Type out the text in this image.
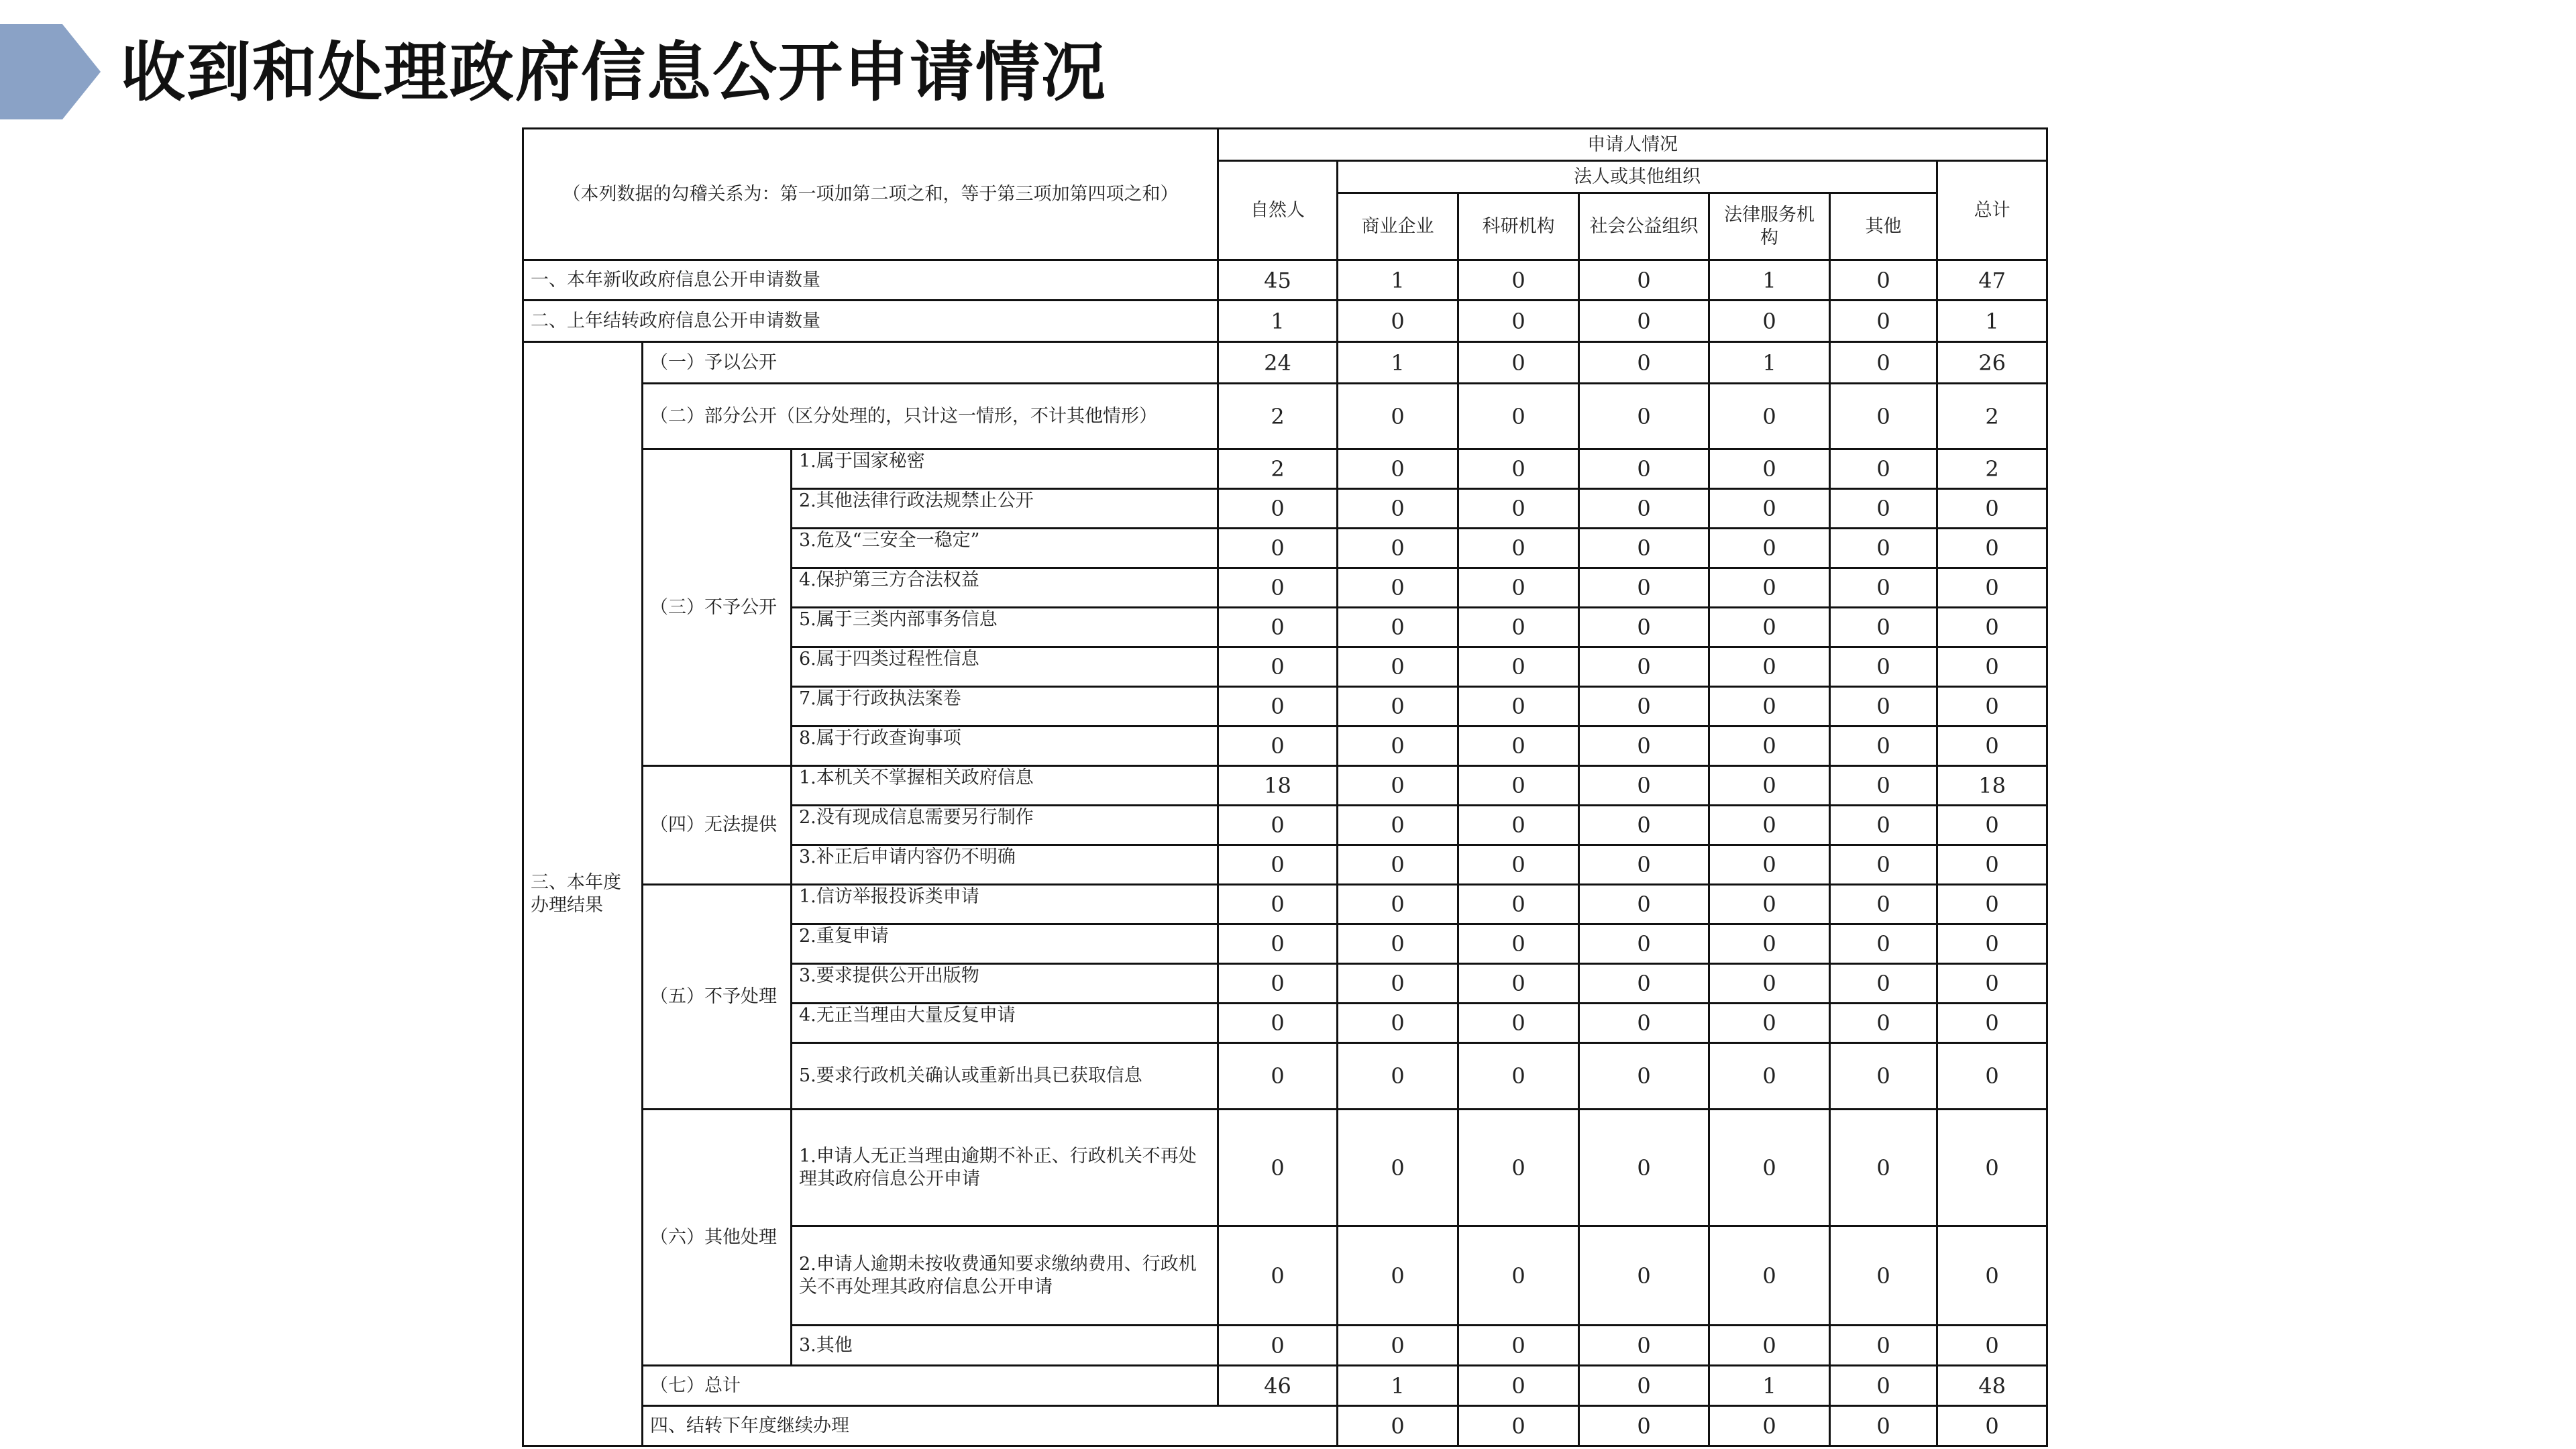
收到和处理政府信息公开申请情况
（本列数据的勾稽关系为：第一项加第二项之和，等于第三项加第四项之和）			申请人情况							
			自然人	法人或其他组织					总计	
				商业企业	科研机构	社会公益组织	法律服务机构	其他		
一、本年新收政府信息公开申请数量			45	1	0	0	1	0	47	
二、上年结转政府信息公开申请数量			1	0	0	0	0	0	1	
三、本年度办理结果	（一）予以公开		24	1	0	0	1	0	26	
	（二）部分公开（区分处理的，只计这一情形，不计其他情形）		2	0	0	0	0	0	2	
	（三）不予公开	1.属于国家秘密	2	0	0	0	0	0	2	
		2.其他法律行政法规禁止公开	0	0	0	0	0	0	0	
		3.危及“三安全一稳定”	0	0	0	0	0	0	0	
		4.保护第三方合法权益	0	0	0	0	0	0	0	
		5.属于三类内部事务信息	0	0	0	0	0	0	0	
		6.属于四类过程性信息	0	0	0	0	0	0	0	
		7.属于行政执法案卷	0	0	0	0	0	0	0	
		8.属于行政查询事项	0	0	0	0	0	0	0	
	（四）无法提供	1.本机关不掌握相关政府信息	18	0	0	0	0	0	18	
		2.没有现成信息需要另行制作	0	0	0	0	0	0	0	
		3.补正后申请内容仍不明确	0	0	0	0	0	0	0	
	（五）不予处理	1.信访举报投诉类申请	0	0	0	0	0	0	0	
		2.重复申请	0	0	0	0	0	0	0	
		3.要求提供公开出版物	0	0	0	0	0	0	0	
		4.无正当理由大量反复申请	0	0	0	0	0	0	0	
		5.要求行政机关确认或重新出具已获取信息	0	0	0	0	0	0	0	
	（六）其他处理	1.申请人无正当理由逾期不补正、行政机关不再处理其政府信息公开申请	0	0	0	0	0	0	0	
		2.申请人逾期未按收费通知要求缴纳费用、行政机关不再处理其政府信息公开申请	0	0	0	0	0	0	0	
		3.其他	0	0	0	0	0	0	0	
	（七）总计		46	1	0	0	1	0	48	
	四、结转下年度继续办理			0	0	0	0	0	0	
